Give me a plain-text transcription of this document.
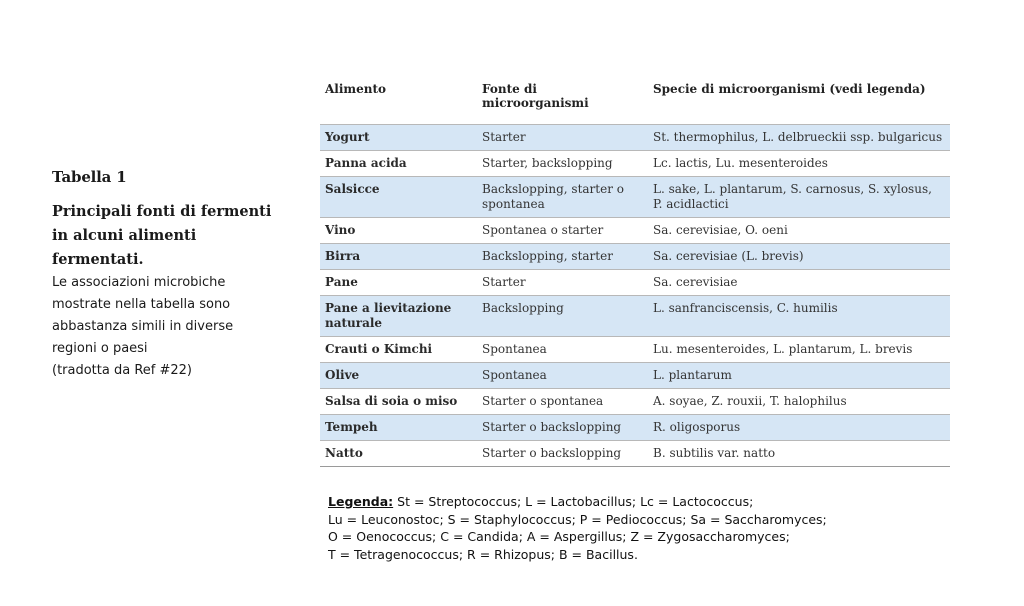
Tabella 1

Principali fonti di fermenti
in alcuni alimenti fermentati.

Le associazioni microbiche
mostrate nella tabella sono
abbastanza simili in diverse
regioni o paesi
(tradotta da Ref #22)

Alimento	Fonte di microorganismi	Specie di microorganismi (vedi legenda)
Yogurt	Starter	St. thermophilus, L. delbrueckii ssp. bulgaricus
Panna acida	Starter, backslopping	Lc. lactis, Lu. mesenteroides
Salsicce	Backslopping, starter o spontanea	L. sake, L. plantarum, S. carnosus, S. xylosus, P. acidlactici
Vino	Spontanea o starter	Sa. cerevisiae, O. oeni
Birra	Backslopping, starter	Sa. cerevisiae (L. brevis)
Pane	Starter	Sa. cerevisiae
Pane a lievitazione naturale	Backslopping	L. sanfranciscensis, C. humilis
Crauti o Kimchi	Spontanea	Lu. mesenteroides, L. plantarum, L. brevis
Olive	Spontanea	L. plantarum
Salsa di soia o miso	Starter o spontanea	A. soyae, Z. rouxii, T. halophilus
Tempeh	Starter o backslopping	R. oligosporus
Natto	Starter o backslopping	B. subtilis var. natto
Legenda: St = Streptococcus; L = Lactobacillus; Lc = Lactococcus;
Lu = Leuconostoc; S = Staphylococcus; P = Pediococcus; Sa = Saccharomyces;
O = Oenococcus; C = Candida; A = Aspergillus; Z = Zygosaccharomyces;
T = Tetragenococcus; R = Rhizopus; B = Bacillus.
